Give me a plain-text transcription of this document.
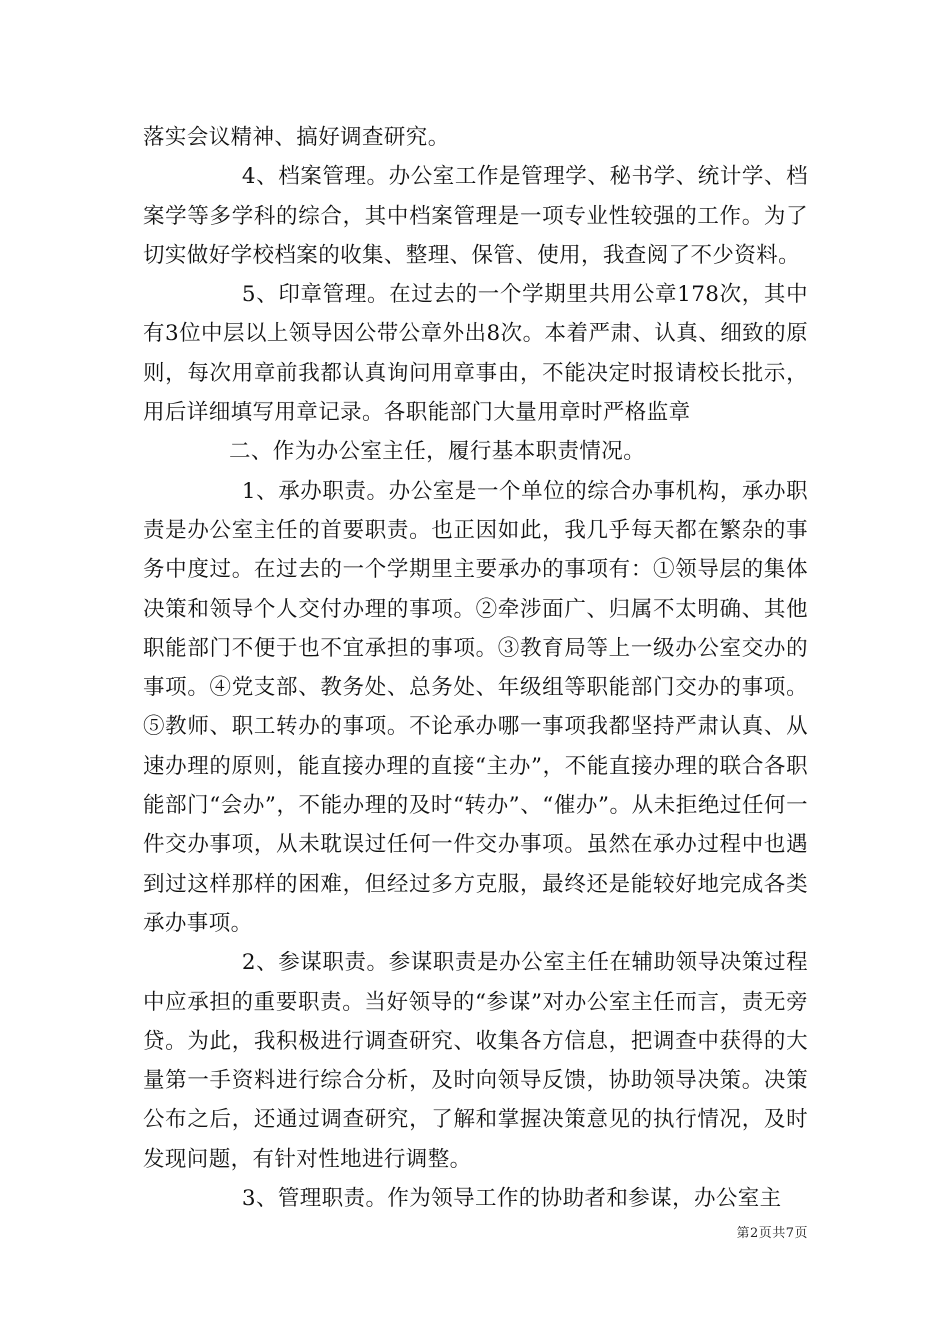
落实会议精神、搞好调查研究。

4、档案管理。办公室工作是管理学、秘书学、统计学、档案学等多学科的综合，其中档案管理是一项专业性较强的工作。为了切实做好学校档案的收集、整理、保管、使用，我查阅了不少资料。

5、印章管理。在过去的一个学期里共用公章178次，其中有3位中层以上领导因公带公章外出8次。本着严肃、认真、细致的原则，每次用章前我都认真询问用章事由，不能决定时报请校长批示，用后详细填写用章记录。各职能部门大量用章时严格监章

二、作为办公室主任，履行基本职责情况。

1、承办职责。办公室是一个单位的综合办事机构，承办职责是办公室主任的首要职责。也正因如此，我几乎每天都在繁杂的事务中度过。在过去的一个学期里主要承办的事项有：①领导层的集体决策和领导个人交付办理的事项。②牵涉面广、归属不太明确、其他职能部门不便于也不宜承担的事项。③教育局等上一级办公室交办的事项。④党支部、教务处、总务处、年级组等职能部门交办的事项。⑤教师、职工转办的事项。不论承办哪一事项我都坚持严肃认真、从速办理的原则，能直接办理的直接“主办”，不能直接办理的联合各职能部门“会办”，不能办理的及时“转办”、“催办”。从未拒绝过任何一件交办事项，从未耽误过任何一件交办事项。虽然在承办过程中也遇到过这样那样的困难，但经过多方克服，最终还是能较好地完成各类承办事项。

2、参谋职责。参谋职责是办公室主任在辅助领导决策过程中应承担的重要职责。当好领导的“参谋”对办公室主任而言，责无旁贷。为此，我积极进行调查研究、收集各方信息，把调查中获得的大量第一手资料进行综合分析，及时向领导反馈，协助领导决策。决策公布之后，还通过调查研究，了解和掌握决策意见的执行情况，及时发现问题，有针对性地进行调整。

3、管理职责。作为领导工作的协助者和参谋，办公室主

第2页共7页
